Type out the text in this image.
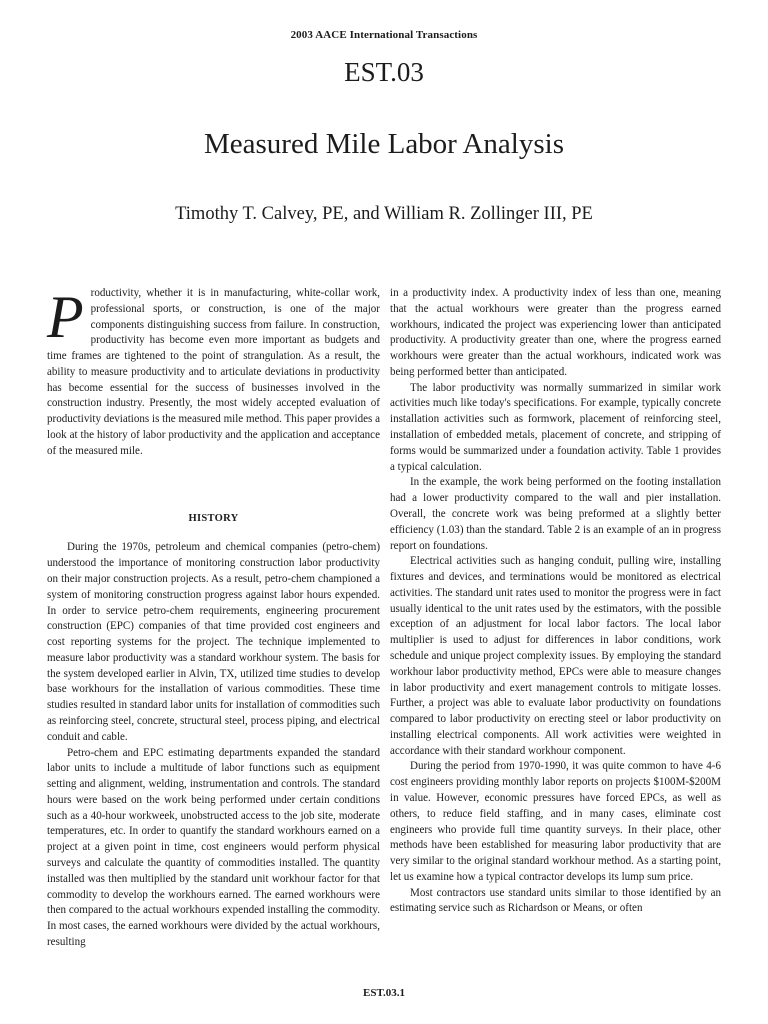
2003 AACE International Transactions
EST.03
Measured Mile Labor Analysis
Timothy T. Calvey, PE, and William R. Zollinger III, PE

Productivity, whether it is in manufacturing, white-collar work, professional sports, or construction, is one of the major components distinguishing success from failure. In construction, productivity has become even more important as budgets and time frames are tightened to the point of strangulation. As a result, the ability to measure productivity and to articulate deviations in productivity has become essential for the success of businesses involved in the construction industry. Presently, the most widely accepted evaluation of productivity deviations is the measured mile method. This paper provides a look at the history of labor productivity and the application and acceptance of the measured mile.

HISTORY

During the 1970s, petroleum and chemical companies (petro-chem) understood the importance of monitoring construction labor productivity on their major construction projects. As a result, petro-chem championed a system of monitoring construction progress against labor hours expended. In order to service petro-chem requirements, engineering procurement construction (EPC) companies of that time provided cost engineers and cost reporting systems for the project. The technique implemented to measure labor productivity was a standard workhour system. The basis for the system developed earlier in Alvin, TX, utilized time studies to develop base workhours for the installation of various commodities. These time studies resulted in standard labor units for installation of commodities such as reinforcing steel, concrete, structural steel, process piping, and electrical conduit and cable.

Petro-chem and EPC estimating departments expanded the standard labor units to include a multitude of labor functions such as equipment setting and alignment, welding, instrumentation and controls. The standard hours were based on the work being performed under certain conditions such as a 40-hour workweek, unobstructed access to the job site, moderate temperatures, etc. In order to quantify the standard workhours earned on a project at a given point in time, cost engineers would perform physical surveys and calculate the quantity of commodities installed. The quantity installed was then multiplied by the standard unit workhour factor for that commodity to develop the workhours earned. The earned workhours were then compared to the actual workhours expended installing the commodity. In most cases, the earned workhours were divided by the actual workhours, resulting

in a productivity index. A productivity index of less than one, meaning that the actual workhours were greater than the progress earned workhours, indicated the project was experiencing lower than anticipated productivity. A productivity greater than one, where the progress earned workhours were greater than the actual workhours, indicated work was being performed better than anticipated.

The labor productivity was normally summarized in similar work activities much like today's specifications. For example, typically concrete installation activities such as formwork, placement of reinforcing steel, installation of embedded metals, placement of concrete, and stripping of forms would be summarized under a foundation activity. Table 1 provides a typical calculation.

In the example, the work being performed on the footing installation had a lower productivity compared to the wall and pier installation. Overall, the concrete work was being preformed at a slightly better efficiency (1.03) than the standard. Table 2 is an example of an in progress report on foundations.

Electrical activities such as hanging conduit, pulling wire, installing fixtures and devices, and terminations would be monitored as electrical activities. The standard unit rates used to monitor the progress were in fact usually identical to the unit rates used by the estimators, with the possible exception of an adjustment for local labor factors. The local labor multiplier is used to adjust for differences in labor conditions, work schedule and unique project complexity issues. By employing the standard workhour labor productivity method, EPCs were able to measure changes in labor productivity and exert management controls to mitigate losses. Further, a project was able to evaluate labor productivity on foundations compared to labor productivity on erecting steel or labor productivity on installing electrical components. All work activities were weighted in accordance with their standard workhour component.

During the period from 1970-1990, it was quite common to have 4-6 cost engineers providing monthly labor reports on projects $100M-$200M in value. However, economic pressures have forced EPCs, as well as others, to reduce field staffing, and in many cases, eliminate cost engineers who provide full time quantity surveys. In their place, other methods have been established for measuring labor productivity that are very similar to the original standard workhour method. As a starting point, let us examine how a typical contractor develops its lump sum price.

Most contractors use standard units similar to those identified by an estimating service such as Richardson or Means, or often

EST.03.1
